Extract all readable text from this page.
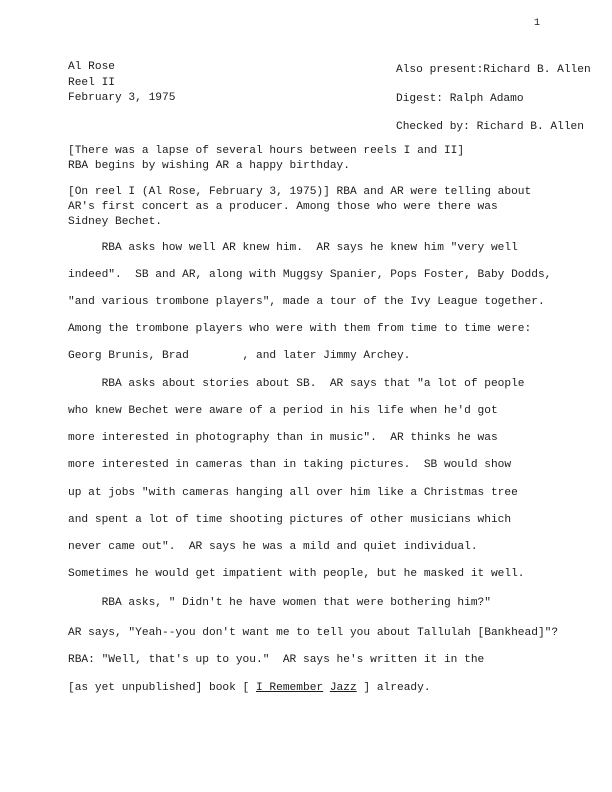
1
Al Rose
Reel II
February 3, 1975
Also present:Richard B. Allen
Digest: Ralph Adamo
Checked by: Richard B. Allen
[There was a lapse of several hours between reels I and II]
RBA begins by wishing AR a happy birthday.
[On reel I (Al Rose, February 3, 1975)] RBA and AR were telling about
AR's first concert as a producer. Among those who were there was
Sidney Bechet.
RBA asks how well AR knew him.  AR says he knew him "very well
indeed".  SB and AR, along with Muggsy Spanier, Pops Foster, Baby Dodds,
"and various trombone players", made a tour of the Ivy League together.
Among the trombone players who were with them from time to time were:
Georg Brunis, Brad        , and later Jimmy Archey.
RBA asks about stories about SB.  AR says that "a lot of people
who knew Bechet were aware of a period in his life when he'd got
more interested in photography than in music".  AR thinks he was
more interested in cameras than in taking pictures.  SB would show
up at jobs "with cameras hanging all over him like a Christmas tree
and spent a lot of time shooting pictures of other musicians which
never came out".  AR says he was a mild and quiet individual.
Sometimes he would get impatient with people, but he masked it well.
RBA asks, " Didn't he have women that were bothering him?"
AR says, "Yeah--you don't want me to tell you about Tallulah [Bankhead]"?
RBA: "Well, that's up to you."  AR says he's written it in the
[as yet unpublished] book [ I Remember Jazz ] already.
